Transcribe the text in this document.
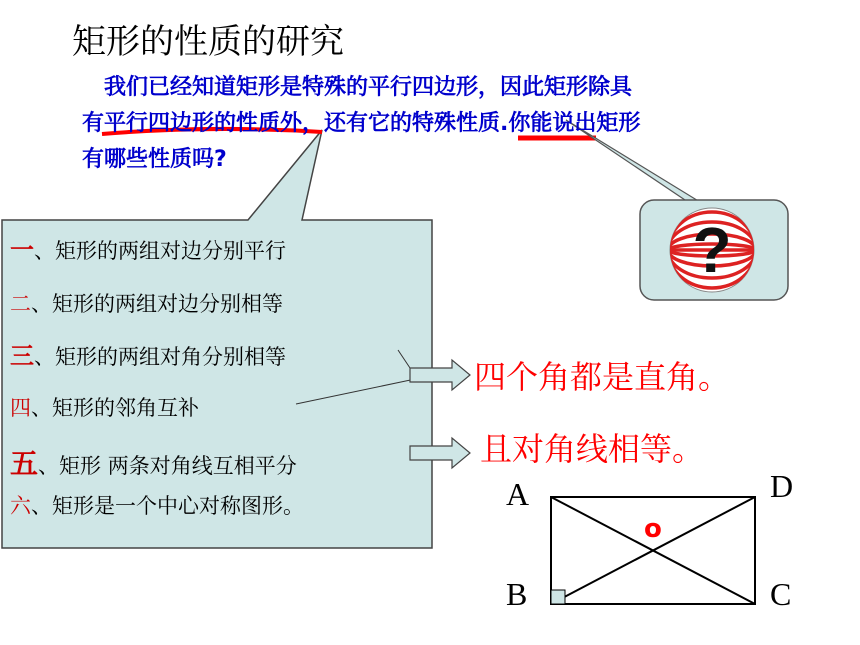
?
矩形的性质的研究
我们已经知道矩形是特殊的平行四边形，因此矩形除具
有平行四边形的性质外，还有它的特殊性质.你能说出矩形
有哪些性质吗?
一、矩形的两组对边分别平行
二、矩形的两组对边分别相等
三、矩形的两组对角分别相等
四、矩形的邻角互补
五、矩形 两条对角线互相平分
六、矩形是一个中心对称图形。
四个角都是直角。
且对角线相等。
A	D
B	C
o
